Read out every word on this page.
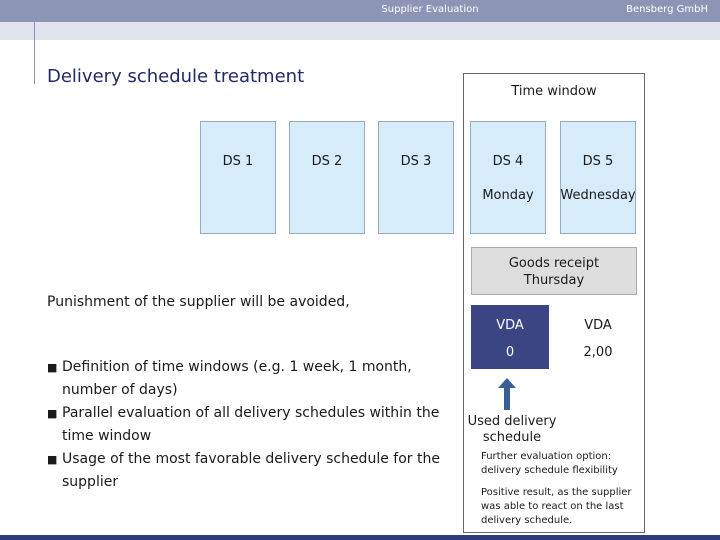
Supplier Evaluation	Bensberg GmbH
Delivery schedule treatment
Time window
DS 1	DS 2	DS 3	DS 4
Monday
DS 5
Wednesday
Goods receipt
Thursday
VDA
0
VDA
2,00
Used delivery
schedule
Punishment of the supplier will be avoided,
■ Definition of time windows (e.g. 1 week, 1 month,
number of days)
■ Parallel evaluation of all delivery schedules within the
time window
■ Usage of the most favorable delivery schedule for the
supplier
Further evaluation option:
delivery schedule flexibility
Positive result, as the supplier
was able to react on the last
delivery schedule.
